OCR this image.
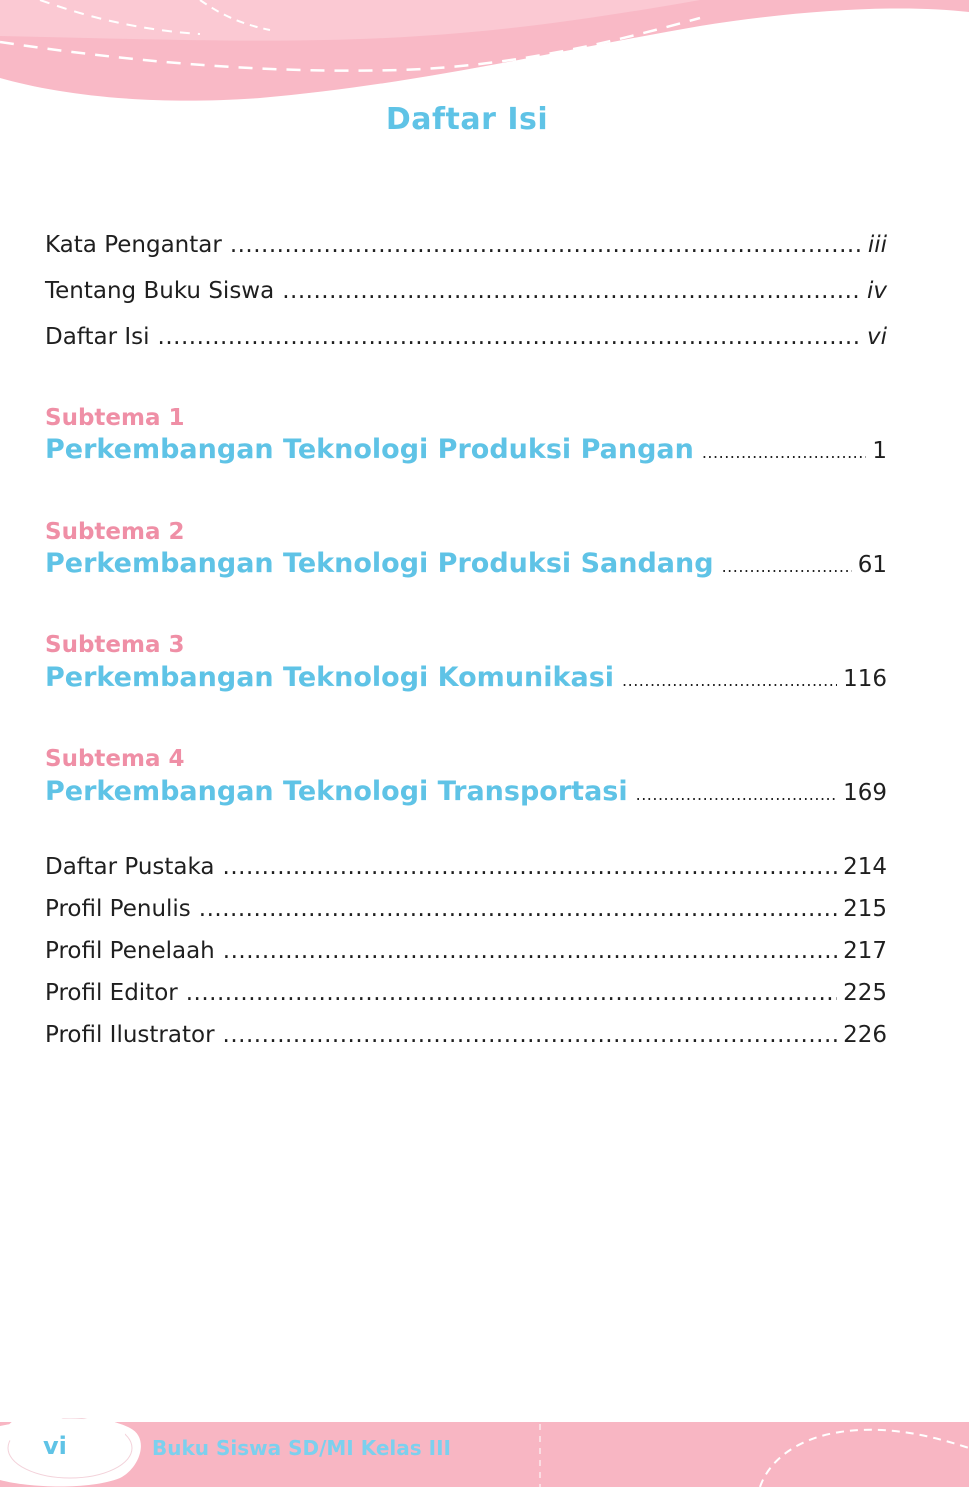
Daftar Isi
Kata Pengantar .....	iii
Tentang Buku Siswa .....	iv
Daftar Isi .....	vi
Subtema 1
Perkembangan Teknologi Produksi Pangan .....	1
Subtema 2
Perkembangan Teknologi Produksi Sandang .....	61
Subtema 3
Perkembangan Teknologi Komunikasi .....	116
Subtema 4
Perkembangan Teknologi Transportasi .....	169
Daftar Pustaka .....	214
Profil Penulis .....	215
Profil Penelaah .....	217
Profil Editor .....	225
Profil Ilustrator .....	226
vi	Buku Siswa SD/MI Kelas III
